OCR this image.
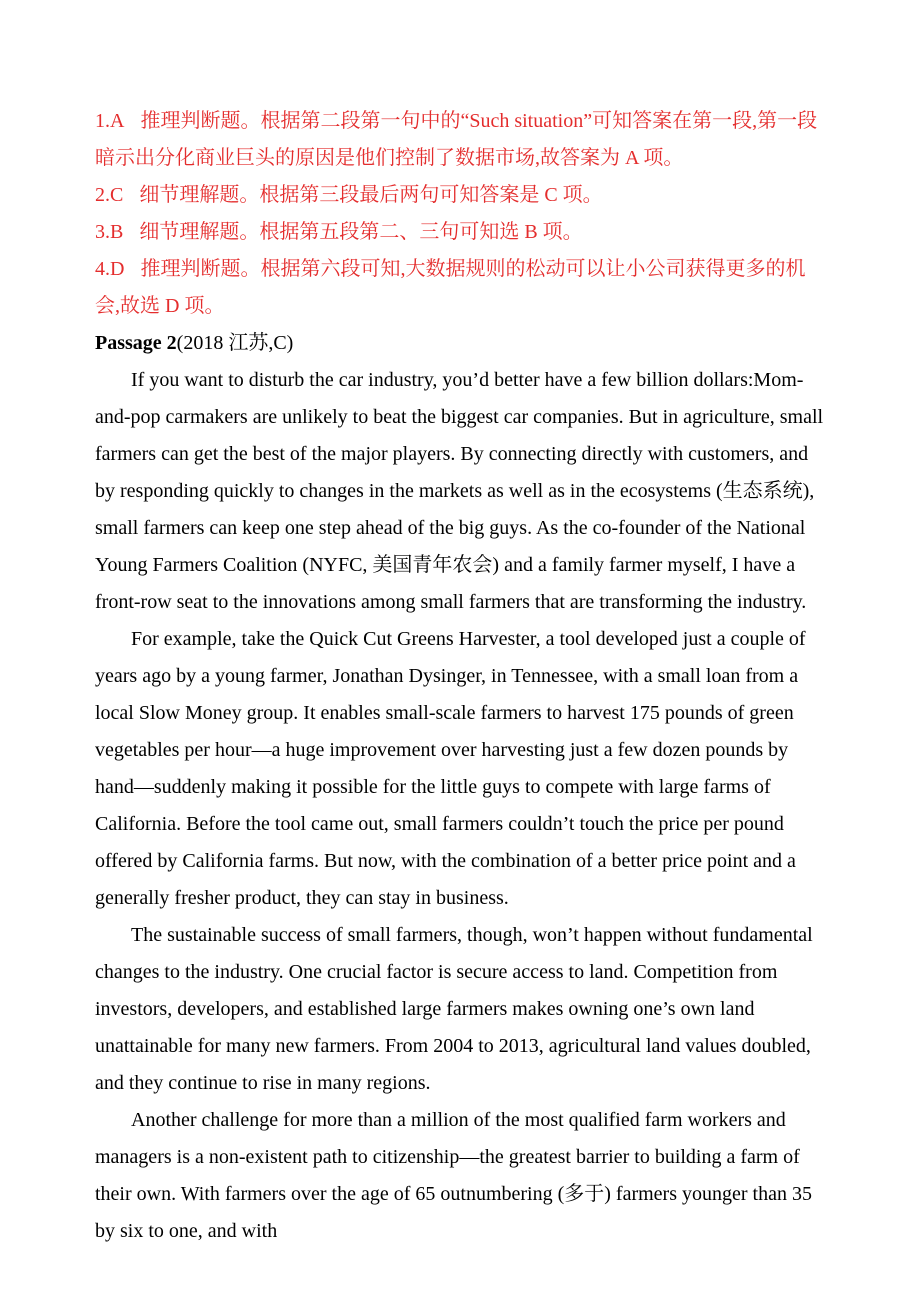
1.A 推理判断题。根据第二段第一句中的“Such situation”可知答案在第一段,第一段暗示出分化商业巨头的原因是他们控制了数据市场,故答案为 A 项。

2.C 细节理解题。根据第三段最后两句可知答案是 C 项。

3.B 细节理解题。根据第五段第二、三句可知选 B 项。

4.D 推理判断题。根据第六段可知,大数据规则的松动可以让小公司获得更多的机会,故选 D 项。

Passage 2(2018 江苏,C)

If you want to disturb the car industry, you’d better have a few billion dollars:Mom-and-pop carmakers are unlikely to beat the biggest car companies. But in agriculture, small farmers can get the best of the major players. By connecting directly with customers, and by responding quickly to changes in the markets as well as in the ecosystems (生态系统), small farmers can keep one step ahead of the big guys. As the co-founder of the National Young Farmers Coalition (NYFC, 美国青年农会) and a family farmer myself, I have a front-row seat to the innovations among small farmers that are transforming the industry.

For example, take the Quick Cut Greens Harvester, a tool developed just a couple of years ago by a young farmer, Jonathan Dysinger, in Tennessee, with a small loan from a local Slow Money group. It enables small-scale farmers to harvest 175 pounds of green vegetables per hour—a huge improvement over harvesting just a few dozen pounds by hand—suddenly making it possible for the little guys to compete with large farms of California. Before the tool came out, small farmers couldn’t touch the price per pound offered by California farms. But now, with the combination of a better price point and a generally fresher product, they can stay in business.

The sustainable success of small farmers, though, won’t happen without fundamental changes to the industry. One crucial factor is secure access to land. Competition from investors, developers, and established large farmers makes owning one’s own land unattainable for many new farmers. From 2004 to 2013, agricultural land values doubled, and they continue to rise in many regions.

Another challenge for more than a million of the most qualified farm workers and managers is a non-existent path to citizenship—the greatest barrier to building a farm of their own. With farmers over the age of 65 outnumbering (多于) farmers younger than 35 by six to one, and with
